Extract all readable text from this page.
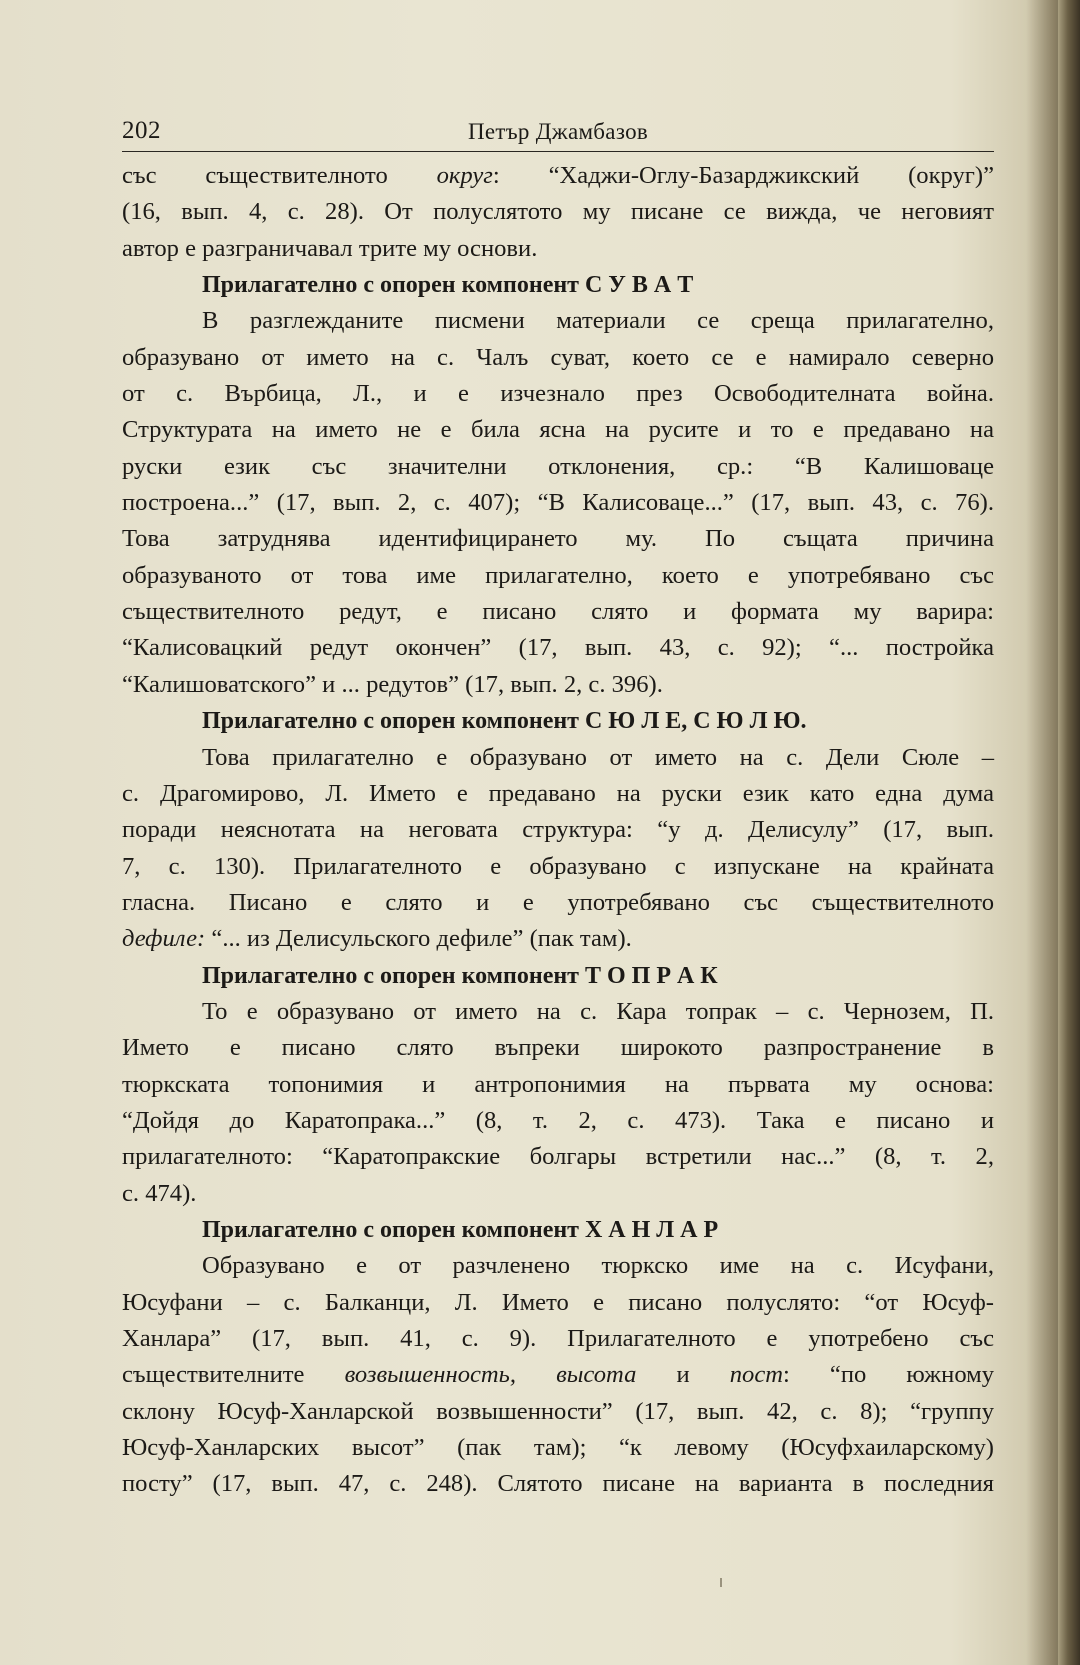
202	Петър Джамбазов
със съществителното округ: “Хаджи-Оглу-Базарджикский (округ)”
(16, вып. 4, с. 28). От полуслятото му писане се вижда, че неговият
автор е разграничавал трите му основи.
Прилагателно с опорен компонент С У В А Т
В разглежданите писмени материали се среща прилагателно,
образувано от името на с. Чалъ суват, което се е намирало северно
от с. Върбица, Л., и е изчезнало през Освободителната война.
Структурата на името не е била ясна на русите и то е предавано на
руски език със значителни отклонения, ср.: “В Калишоваце
построена...” (17, вып. 2, с. 407); “В Калисоваце...” (17, вып. 43, с. 76).
Това затруднява идентифицирането му. По същата причина
образуваното от това име прилагателно, което е употребявано със
съществителното редут, е писано слято и формата му варира:
“Калисовацкий редут окончен” (17, вып. 43, с. 92); “... постройка
“Калишоватского” и ... редутов” (17, вып. 2, с. 396).
Прилагателно с опорен компонент С Ю Л Е, С Ю Л Ю.
Това прилагателно е образувано от името на с. Дели Сюле –
с. Драгомирово, Л. Името е предавано на руски език като една дума
поради неяснотата на неговата структура: “у д. Делисулу” (17, вып.
7, с. 130). Прилагателното е образувано с изпускане на крайната
гласна. Писано е слято и е употребявано със съществителното
дефиле: “... из Делисульского дефиле” (пак там).
Прилагателно с опорен компонент Т О П Р А К
То е образувано от името на с. Кара топрак – с. Чернозем, П.
Името е писано слято въпреки широкото разпространение в
тюркската топонимия и антропонимия на първата му основа:
“Дойдя до Каратопрака...” (8, т. 2, с. 473). Така е писано и
прилагателното: “Каратопракские болгары встретили нас...” (8, т. 2,
с. 474).
Прилагателно с опорен компонент Х А Н Л А Р
Образувано е от разчленено тюркско име на с. Исуфани,
Юсуфани – с. Балканци, Л. Името е писано полуслято: “от Юсуф-
Ханлара” (17, вып. 41, с. 9). Прилагателното е употребено със
съществителните возвышенность, высота и пост: “по южному
склону Юсуф-Ханларской возвышенности” (17, вып. 42, с. 8); “группу
Юсуф-Ханларских высот” (пак там); “к левому (Юсуфхаиларскому)
посту” (17, вып. 47, с. 248). Слятото писане на варианта в последния
